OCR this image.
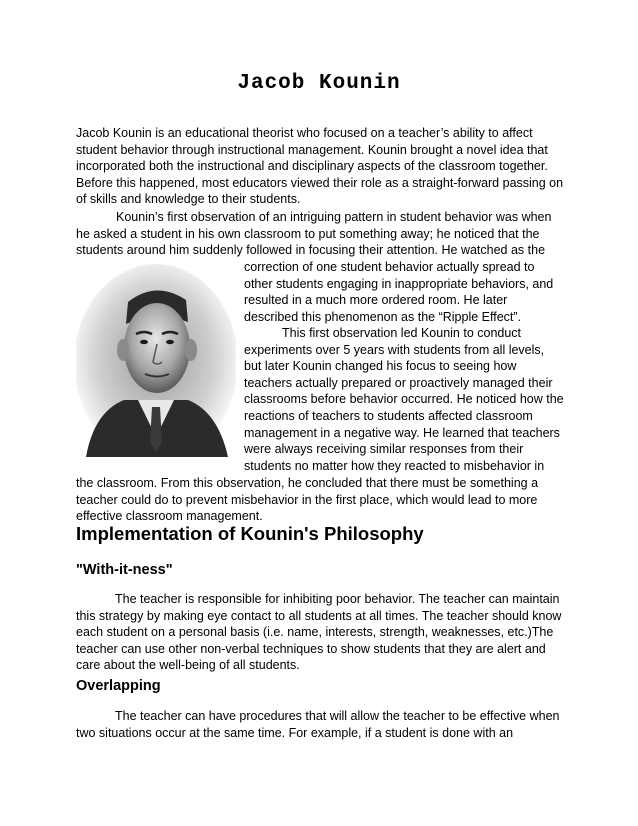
Jacob Kounin
Jacob Kounin is an educational theorist who focused on a teacher’s ability to affect
student behavior through instructional management. Kounin brought a novel idea that
incorporated both the instructional and disciplinary aspects of the classroom together.
Before this happened, most educators viewed their role as a straight-forward passing on
of skills and knowledge to their students.
Kounin’s first observation of an intriguing pattern in student behavior was when
he asked a student in his own classroom to put something away; he noticed that the
students around him suddenly followed in focusing their attention. He watched as the
correction of one student behavior actually spread to
other students engaging in inappropriate behaviors, and
resulted in a much more ordered room. He later
described this phenomenon as the “Ripple Effect”.
This first observation led Kounin to conduct
experiments over 5 years with students from all levels,
but later Kounin changed his focus to seeing how
teachers actually prepared or proactively managed their
classrooms before behavior occurred. He noticed how the
reactions of teachers to students affected classroom
management in a negative way. He learned that teachers
were always receiving similar responses from their
students no matter how they reacted to misbehavior in
the classroom. From this observation, he concluded that there must be something a
teacher could do to prevent misbehavior in the first place, which would lead to more
effective classroom management.
Implementation of Kounin's Philosophy
"With-it-ness"
The teacher is responsible for inhibiting poor behavior. The teacher can maintain
this strategy by making eye contact to all students at all times. The teacher should know
each student on a personal basis (i.e. name, interests, strength, weaknesses, etc.)The
teacher can use other non-verbal techniques to show students that they are alert and
care about the well-being of all students.
Overlapping
The teacher can have procedures that will allow the teacher to be effective when
two situations occur at the same time. For example, if a student is done with an
